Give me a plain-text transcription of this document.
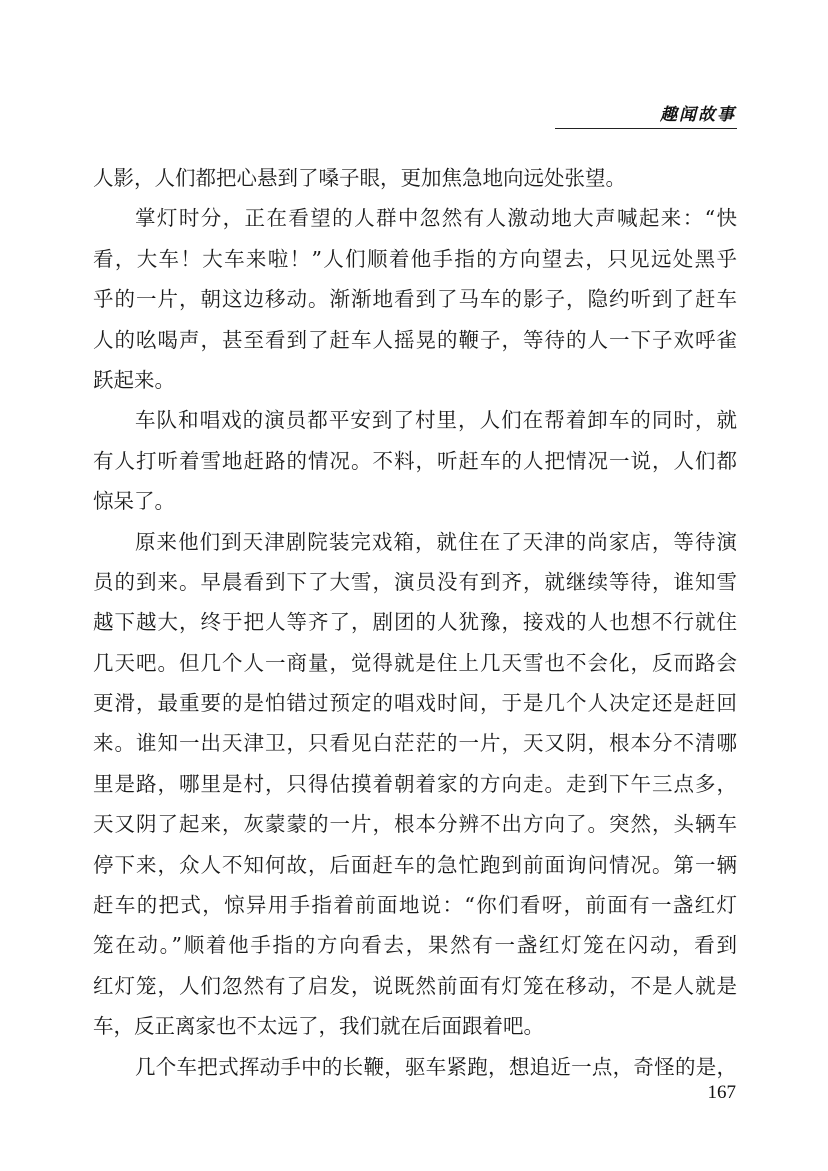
趣闻故事
人影，人们都把心悬到了嗓子眼，更加焦急地向远处张望。
掌灯时分，正在看望的人群中忽然有人激动地大声喊起来：“快
看，大车！大车来啦！”人们顺着他手指的方向望去，只见远处黑乎
乎的一片，朝这边移动。渐渐地看到了马车的影子，隐约听到了赶车
人的吆喝声，甚至看到了赶车人摇晃的鞭子，等待的人一下子欢呼雀
跃起来。
车队和唱戏的演员都平安到了村里，人们在帮着卸车的同时，就
有人打听着雪地赶路的情况。不料，听赶车的人把情况一说，人们都
惊呆了。
原来他们到天津剧院装完戏箱，就住在了天津的尚家店，等待演
员的到来。早晨看到下了大雪，演员没有到齐，就继续等待，谁知雪
越下越大，终于把人等齐了，剧团的人犹豫，接戏的人也想不行就住
几天吧。但几个人一商量，觉得就是住上几天雪也不会化，反而路会
更滑，最重要的是怕错过预定的唱戏时间，于是几个人决定还是赶回
来。谁知一出天津卫，只看见白茫茫的一片，天又阴，根本分不清哪
里是路，哪里是村，只得估摸着朝着家的方向走。走到下午三点多，
天又阴了起来，灰蒙蒙的一片，根本分辨不出方向了。突然，头辆车
停下来，众人不知何故，后面赶车的急忙跑到前面询问情况。第一辆
赶车的把式，惊异用手指着前面地说：“你们看呀，前面有一盏红灯
笼在动。”顺着他手指的方向看去，果然有一盏红灯笼在闪动，看到
红灯笼，人们忽然有了启发，说既然前面有灯笼在移动，不是人就是
车，反正离家也不太远了，我们就在后面跟着吧。
几个车把式挥动手中的长鞭，驱车紧跑，想追近一点，奇怪的是，
167
